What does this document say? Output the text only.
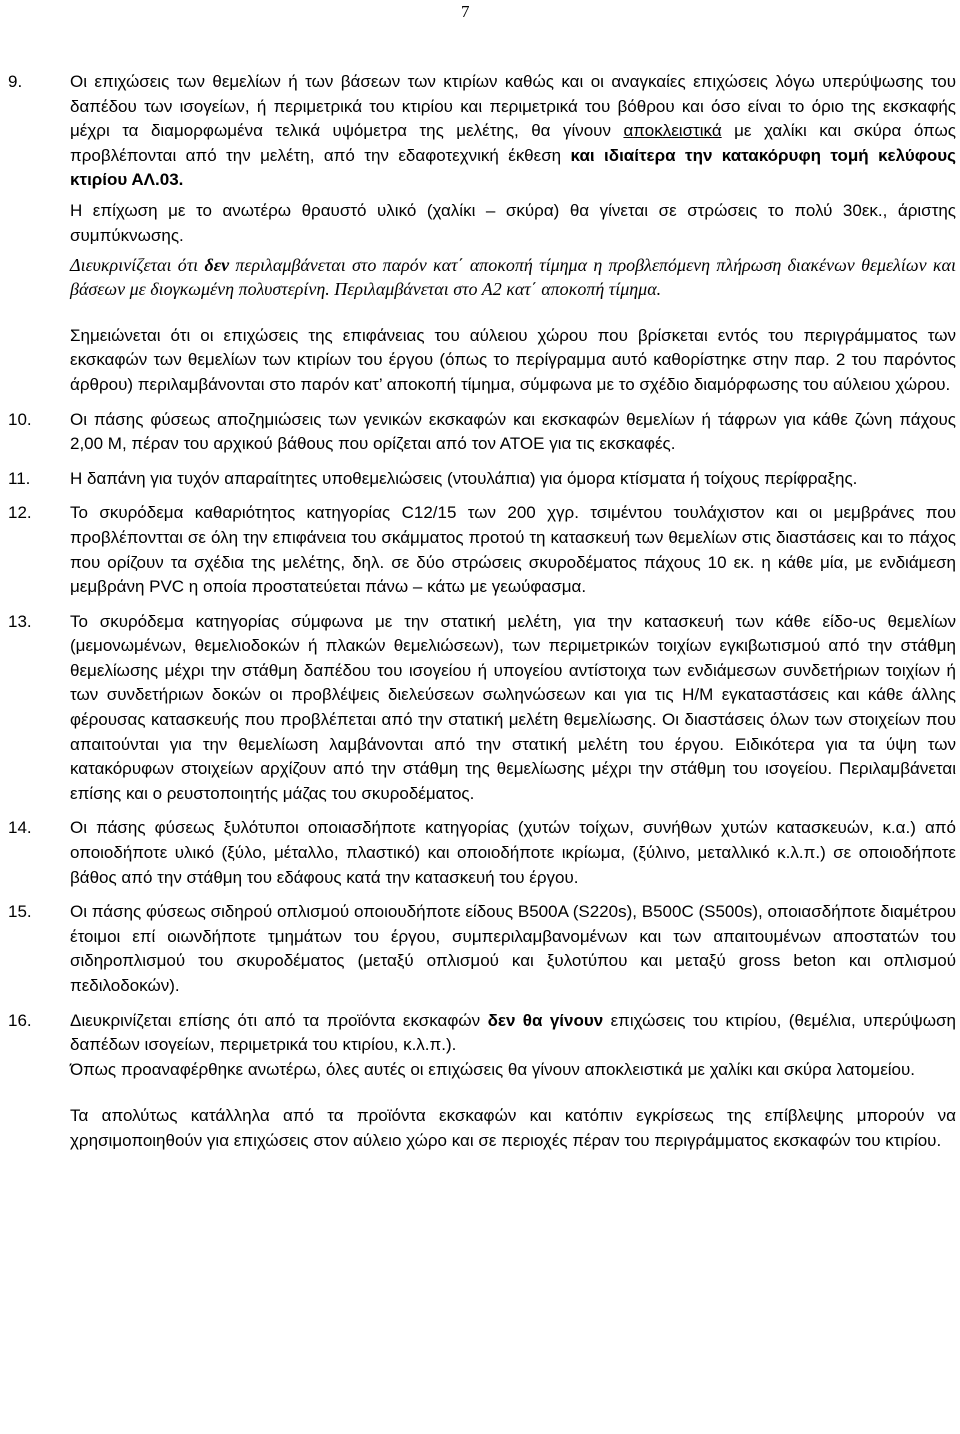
7
9.	Οι επιχώσεις των θεμελίων ή των βάσεων των κτιρίων καθώς και οι αναγκαίες επιχώσεις λόγω υπερύψωσης του δαπέδου των ισογείων, ή περιμετρικά του κτιρίου και περιμετρικά του βόθρου και όσο είναι το όριο της εκσκαφής μέχρι τα διαμορφωμένα τελικά υψόμετρα της μελέτης, θα γίνουν αποκλειστικά με χαλίκι και σκύρα όπως προβλέπονται από την μελέτη, από την εδαφοτεχνική έκθεση και ιδιαίτερα την κατακόρυφη τομή κελύφους κτιρίου ΑΛ.03.

Η επίχωση με το ανωτέρω θραυστό υλικό (χαλίκι – σκύρα) θα γίνεται σε στρώσεις το πολύ 30εκ., άριστης συμπύκνωσης.

Διευκρινίζεται ότι δεν περιλαμβάνεται στο παρόν κατ΄ αποκοπή τίμημα η προβλεπόμενη πλήρωση διακένων θεμελίων και βάσεων με διογκωμένη πολυστερίνη. Περιλαμβάνεται στο Α2 κατ΄ αποκοπή τίμημα.

Σημειώνεται ότι οι επιχώσεις της επιφάνειας του αύλειου χώρου που βρίσκεται εντός του περιγράμματος των εκσκαφών των θεμελίων των κτιρίων του έργου (όπως το περίγραμμα αυτό καθορίστηκε στην παρ. 2 του παρόντος άρθρου) περιλαμβάνονται στο παρόν κατ’ αποκοπή τίμημα, σύμφωνα με το σχέδιο διαμόρφωσης του αύλειου χώρου.

10.	Οι πάσης φύσεως αποζημιώσεις των γενικών εκσκαφών και εκσκαφών θεμελίων ή τάφρων για κάθε ζώνη πάχους 2,00 Μ, πέραν του αρχικού βάθους που ορίζεται από τον ΑΤΟΕ για τις εκσκαφές.

11.	Η δαπάνη για τυχόν απαραίτητες υποθεμελιώσεις (ντουλάπια) για όμορα κτίσματα ή τοίχους περίφραξης.

12.	Το σκυρόδεμα καθαριότητος κατηγορίας C12/15 των 200 χγρ. τσιμέντου τουλάχιστον και οι μεμβράνες που προβλέποντται σε όλη την επιφάνεια του σκάμματος προτού τη κατασκευή των θεμελίων στις διαστάσεις και το πάχος που ορίζουν τα σχέδια της μελέτης, δηλ. σε δύο στρώσεις σκυροδέματος πάχους 10 εκ. η κάθε μία, με ενδιάμεση μεμβράνη PVC η οποία προστατεύεται πάνω – κάτω με γεωύφασμα.

13.	Το σκυρόδεμα κατηγορίας σύμφωνα με την στατική μελέτη, για την κατασκευή των κάθε είδο-υς θεμελίων (μεμονωμένων, θεμελιοδοκών ή πλακών θεμελιώσεων), των περιμετρικών τοιχίων εγκιβωτισμού από την στάθμη θεμελίωσης μέχρι την στάθμη δαπέδου του ισογείου ή υπογείου αντίστοιχα των ενδιάμεσων συνδετήριων τοιχίων ή των συνδετήριων δοκών οι προβλέψεις διελεύσεων σωληνώσεων και για τις Η/Μ εγκαταστάσεις και κάθε άλλης φέρουσας κατασκευής που προβλέπεται από την στατική μελέτη θεμελίωσης. Οι διαστάσεις όλων των στοιχείων που απαιτούνται για την θεμελίωση λαμβάνονται από την στατική μελέτη του έργου. Ειδικότερα για τα ύψη των κατακόρυφων στοιχείων αρχίζουν από την στάθμη της θεμελίωσης μέχρι την στάθμη του ισογείου. Περιλαμβάνεται επίσης και ο ρευστοποιητής μάζας του σκυροδέματος.

14.	Οι πάσης φύσεως ξυλότυποι οποιασδήποτε κατηγορίας (χυτών τοίχων, συνήθων χυτών κατασκευών, κ.α.) από οποιοδήποτε υλικό (ξύλο, μέταλλο, πλαστικό) και οποιοδήποτε ικρίωμα, (ξύλινο, μεταλλικό κ.λ.π.) σε οποιοδήποτε βάθος από την στάθμη του εδάφους κατά την κατασκευή του έργου.

15.	Οι πάσης φύσεως σιδηρού οπλισμού οποιουδήποτε είδους B500A (S220s), B500C (S500s), οποιασδήποτε διαμέτρου έτοιμοι επί οιωνδήποτε τμημάτων του έργου, συμπεριλαμβανομένων και των απαιτουμένων αποστατών του σιδηροπλισμού του σκυροδέματος (μεταξύ οπλισμού και ξυλοτύπου και μεταξύ gross beton και οπλισμού πεδιλοδοκών).

16.	Διευκρινίζεται επίσης ότι από τα προϊόντα εκσκαφών δεν θα γίνουν επιχώσεις του κτιρίου, (θεμέλια, υπερύψωση δαπέδων ισογείων, περιμετρικά του κτιρίου, κ.λ.π.).

Όπως προαναφέρθηκε ανωτέρω, όλες αυτές οι επιχώσεις θα γίνουν αποκλειστικά με χαλίκι και σκύρα λατομείου.

Τα απολύτως κατάλληλα από τα προϊόντα εκσκαφών και κατόπιν εγκρίσεως της επίβλεψης μπορούν να χρησιμοποιηθούν για επιχώσεις στον αύλειο χώρο και σε περιοχές πέραν του περιγράμματος εκσκαφών του κτιρίου.
